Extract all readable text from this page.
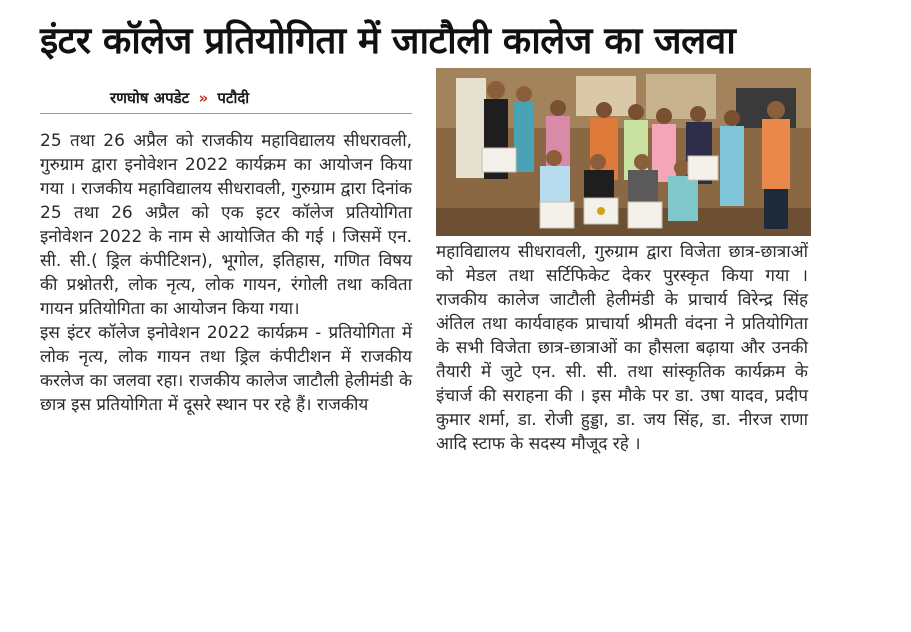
इंटर कॉलेज प्रतियोगिता में जाटौली कालेज का जलवा
रणघोष अपडेट » पटौदी

25 तथा 26 अप्रैल को राजकीय महाविद्यालय सीधरावली, गुरुग्राम द्वारा इनोवेशन 2022 कार्यक्रम का आयोजन किया गया । राजकीय महाविद्यालय सीधरावली, गुरुग्राम द्वारा दिनांक 25 तथा 26 अप्रैल को एक इटर कॉलेज प्रतियोगिता इनोवेशन 2022 के नाम से आयोजित की गई । जिसमें एन. सी. सी.( ड्रिल कंपीटिशन), भूगोल, इतिहास, गणित विषय की प्रश्नोतरी, लोक नृत्य, लोक गायन, रंगोली तथा कविता गायन प्रतियोगिता का आयोजन किया गया।

इस इंटर कॉलेज इनोवेशन 2022 कार्यक्रम - प्रतियोगिता में लोक नृत्य, लोक गायन तथा ड्रिल कंपीटीशन में राजकीय करलेज का जलवा रहा। राजकीय कालेज जाटौली हेलीमंडी के छात्र इस प्रतियोगिता में दूसरे स्थान पर रहे हैं। राजकीय

महाविद्यालय सीधरावली, गुरुग्राम द्वारा विजेता छात्र-छात्राओं को मेडल तथा सर्टिफिकेट देकर पुरस्कृत किया गया । राजकीय कालेज जाटौली हेलीमंडी के प्राचार्य विरेन्द्र सिंह अंतिल तथा कार्यवाहक प्राचार्या श्रीमती वंदना ने प्रतियोगिता के सभी विजेता छात्र-छात्राओं का हौसला बढ़ाया और उनकी तैयारी में जुटे एन. सी. सी. तथा सांस्कृतिक कार्यक्रम के इंचार्ज की सराहना की । इस मौके पर डा. उषा यादव, प्रदीप कुमार शर्मा, डा. रोजी हुड्डा, डा. जय सिंह, डा. नीरज राणा आदि स्टाफ के सदस्य मौजूद रहे ।
